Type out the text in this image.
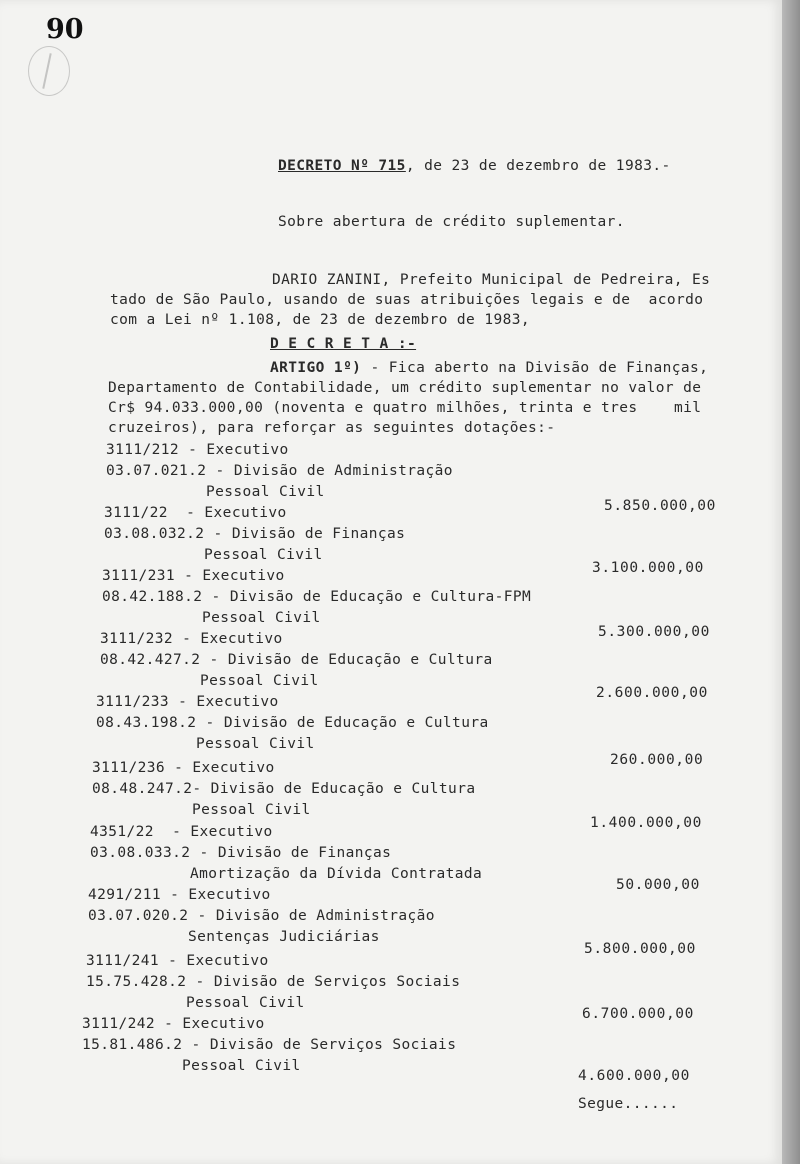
90
DECRETO Nº 715, de 23 de dezembro de 1983.-
Sobre abertura de crédito suplementar.
DARIO ZANINI, Prefeito Municipal de Pedreira, Es
tado de São Paulo, usando de suas atribuições legais e de  acordo
com a Lei nº 1.108, de 23 de dezembro de 1983,
D E C R E T A :-
ARTIGO 1º) - Fica aberto na Divisão de Finanças,
Departamento de Contabilidade, um crédito suplementar no valor de
Cr$ 94.033.000,00 (noventa e quatro milhões, trinta e tres    mil
cruzeiros), para reforçar as seguintes dotações:-
3111/212 - Executivo
03.07.021.2 - Divisão de Administração
Pessoal Civil
5.850.000,00
3111/22  - Executivo
03.08.032.2 - Divisão de Finanças
Pessoal Civil
3.100.000,00
3111/231 - Executivo
08.42.188.2 - Divisão de Educação e Cultura-FPM
Pessoal Civil
5.300.000,00
3111/232 - Executivo
08.42.427.2 - Divisão de Educação e Cultura
Pessoal Civil
2.600.000,00
3111/233 - Executivo
08.43.198.2 - Divisão de Educação e Cultura
Pessoal Civil
260.000,00
3111/236 - Executivo
08.48.247.2- Divisão de Educação e Cultura
Pessoal Civil
1.400.000,00
4351/22  - Executivo
03.08.033.2 - Divisão de Finanças
Amortização da Dívida Contratada
50.000,00
4291/211 - Executivo
03.07.020.2 - Divisão de Administração
Sentenças Judiciárias
5.800.000,00
3111/241 - Executivo
15.75.428.2 - Divisão de Serviços Sociais
Pessoal Civil
6.700.000,00
3111/242 - Executivo
15.81.486.2 - Divisão de Serviços Sociais
Pessoal Civil
4.600.000,00
Segue......
